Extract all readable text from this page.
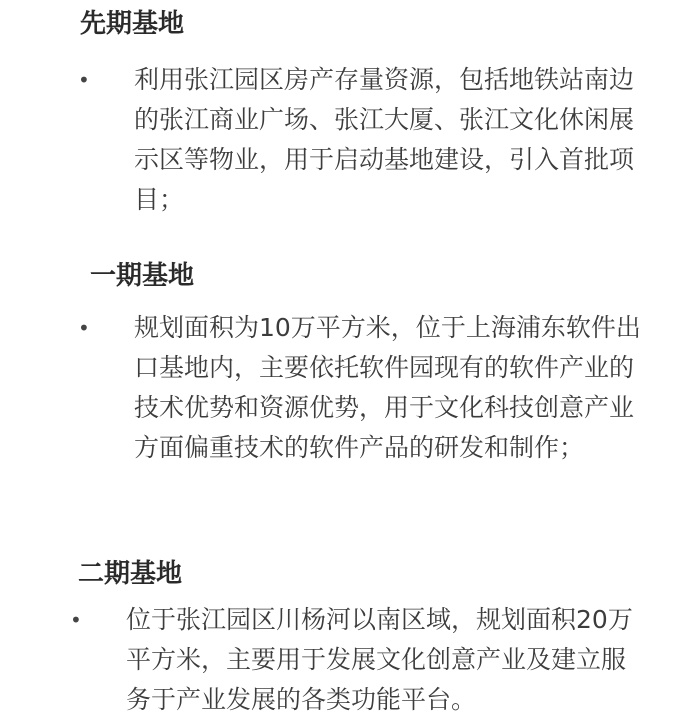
先期基地
• 利用张江园区房产存量资源，包括地铁站南边的张江商业广场、张江大厦、张江文化休闲展示区等物业，用于启动基地建设，引入首批项目；
一期基地
• 规划面积为10万平方米，位于上海浦东软件出口基地内，主要依托软件园现有的软件产业的技术优势和资源优势，用于文化科技创意产业方面偏重技术的软件产品的研发和制作；
二期基地
• 位于张江园区川杨河以南区域，规划面积20万平方米，主要用于发展文化创意产业及建立服务于产业发展的各类功能平台。
